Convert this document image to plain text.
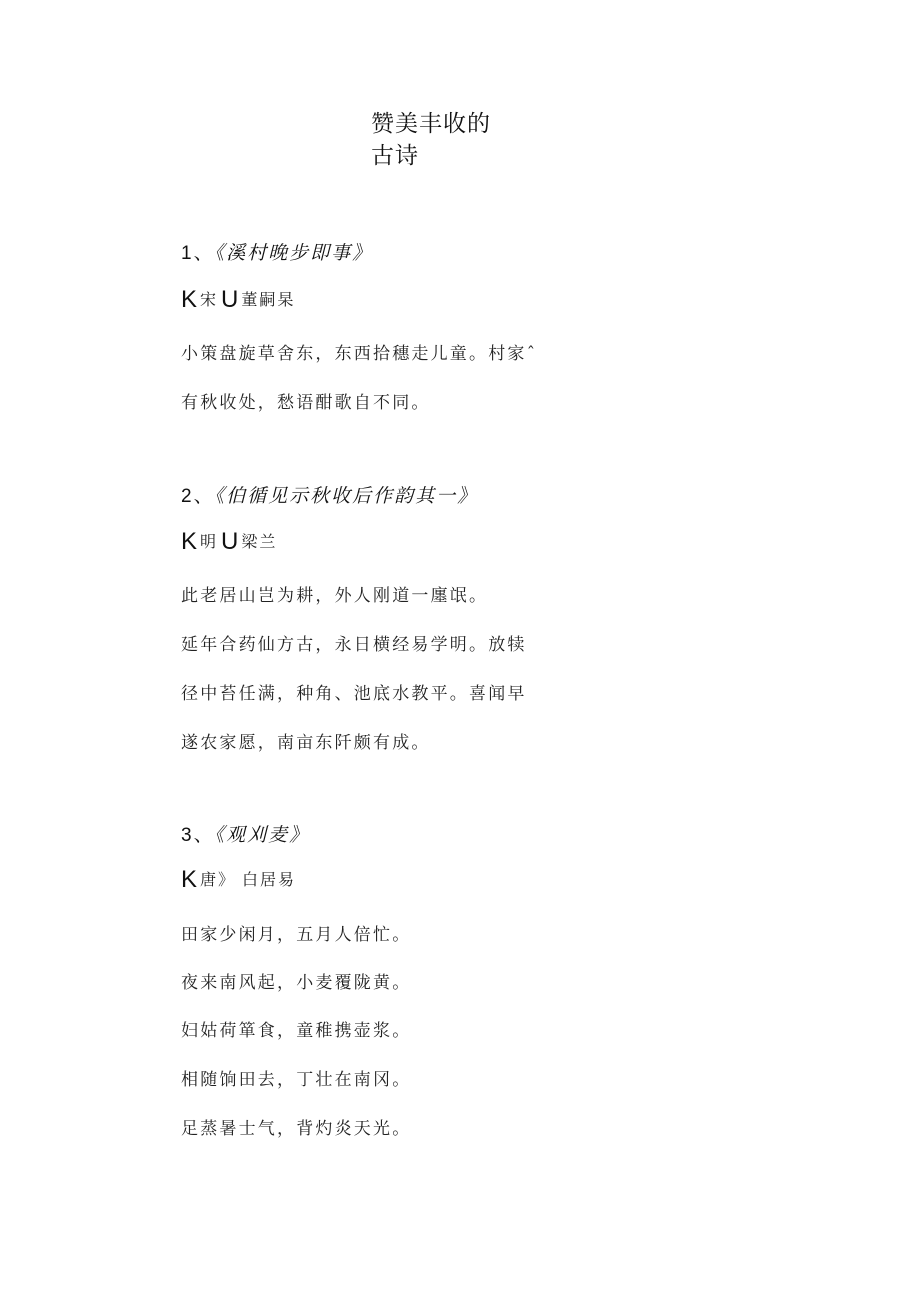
赞美丰收的
古诗
1、《溪村晚步即事》
K宋 U 董嗣杲
小策盘旋草舍东，东西拾穗走儿童。村家ˆ
有秋收处，愁语酣歌自不同。
2、《伯循见示秋收后作韵其一》
K明 U 梁兰
此老居山岂为耕，外人刚道一廛氓。
延年合药仙方古，永日横经易学明。放犊
径中苔任满，种角、池底水教平。喜闻早
遂农家愿，南亩东阡颇有成。
3、《观刈麦》
K唐》 白居易
田家少闲月，五月人倍忙。
夜来南风起，小麦覆陇黄。
妇姑荷箪食，童稚携壶浆。
相随饷田去，丁壮在南冈。
足蒸暑士气，背灼炎天光。
